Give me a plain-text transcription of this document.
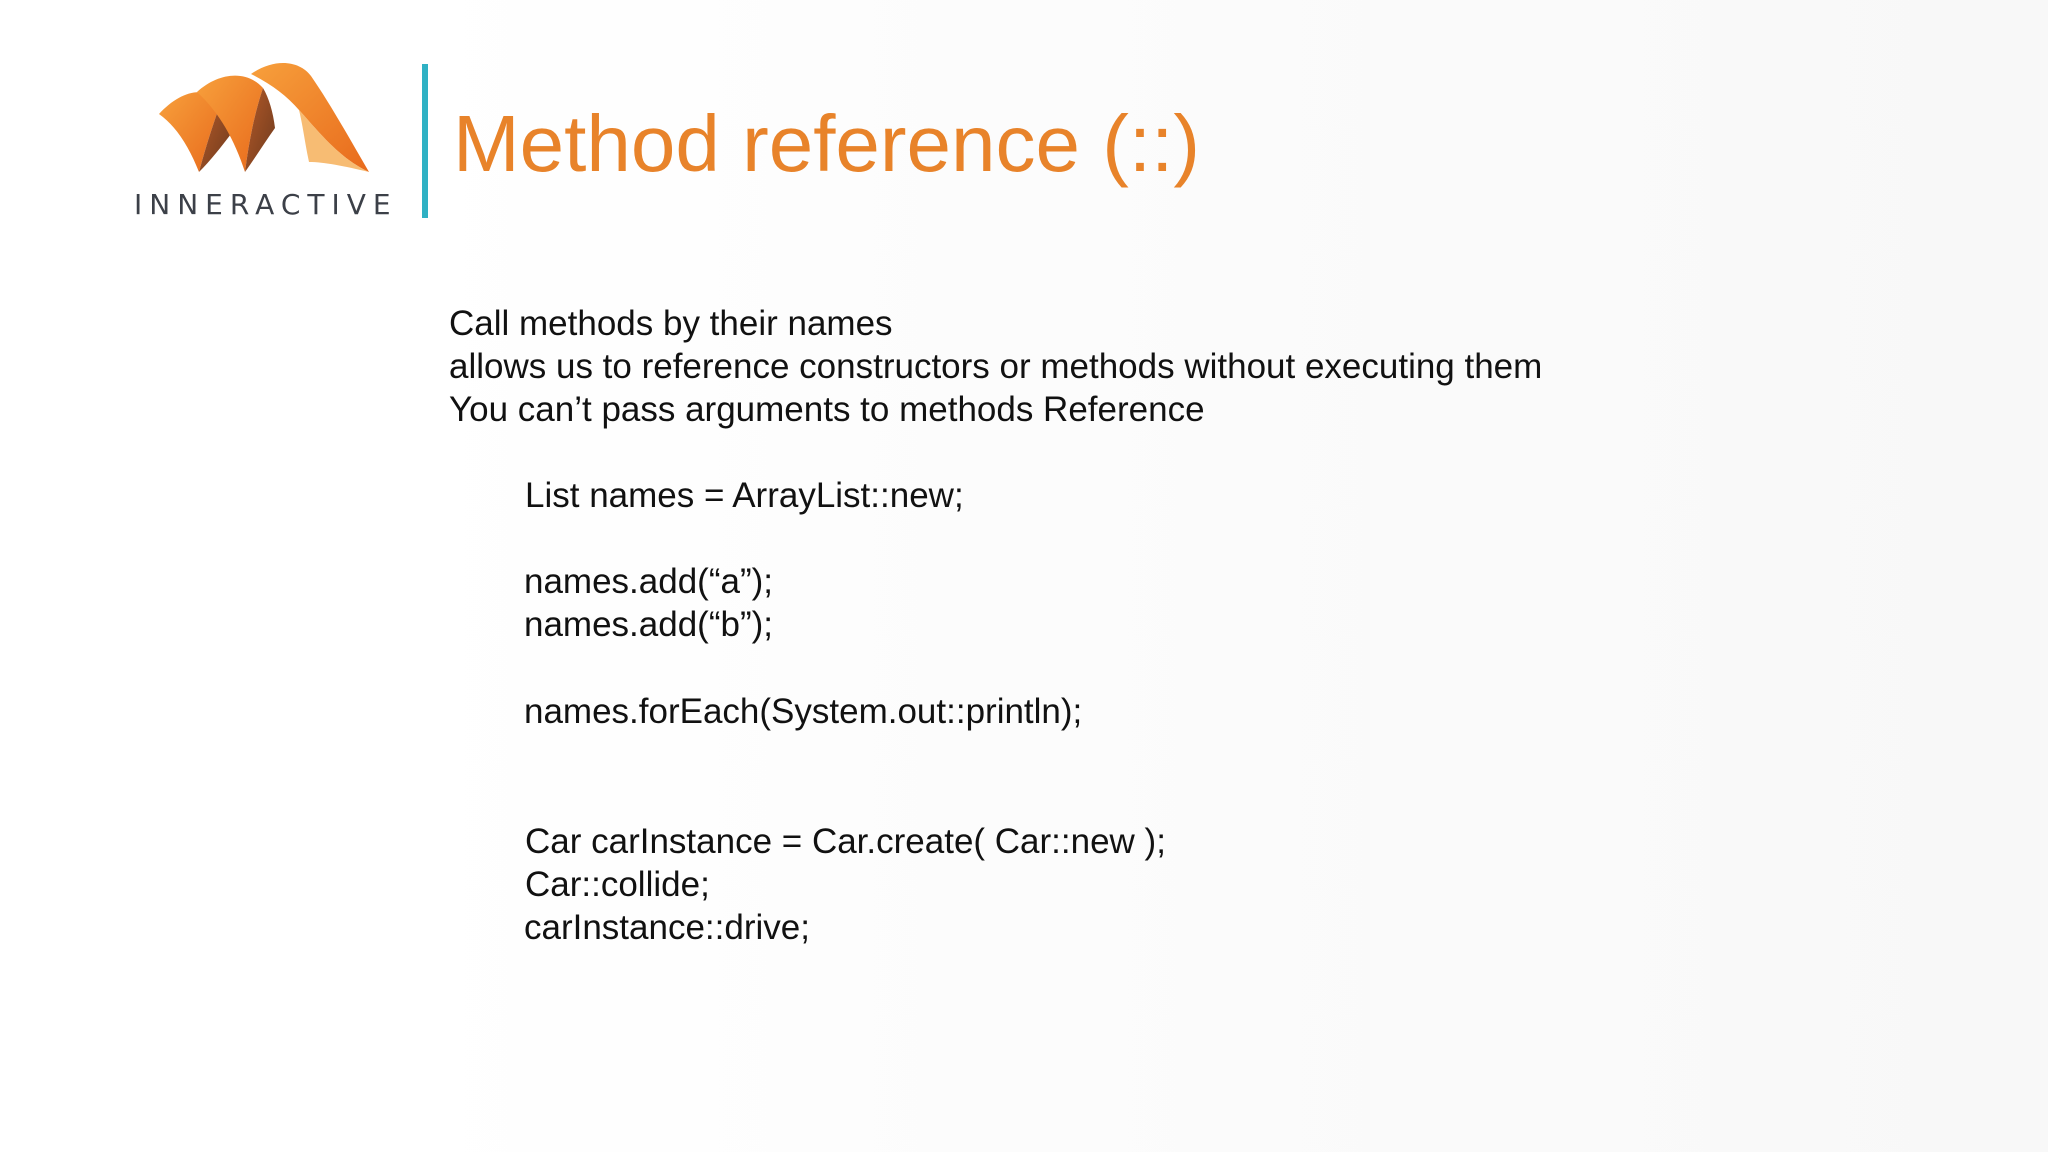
INNERACTIVE
Method reference (::)
Call methods by their names
allows us to reference constructors or methods without executing them
You can’t pass arguments to methods Reference
List names = ArrayList::new;
names.add(“a”);
names.add(“b”);
names.forEach(System.out::println);
Car carInstance = Car.create( Car::new );
Car::collide;
carInstance::drive;
